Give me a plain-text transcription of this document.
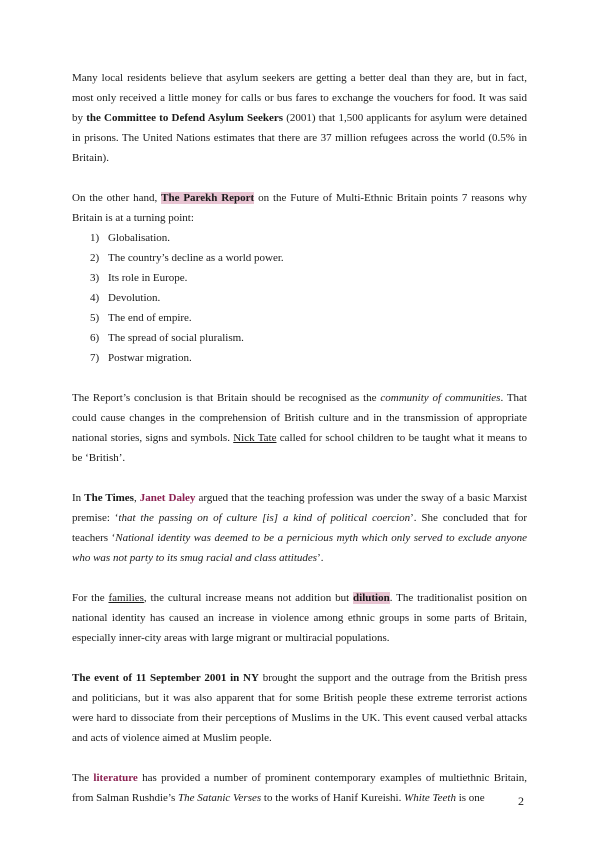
Many local residents believe that asylum seekers are getting a better deal than they are, but in fact, most only received a little money for calls or bus fares to exchange the vouchers for food. It was said by the Committee to Defend Asylum Seekers (2001) that 1,500 applicants for asylum were detained in prisons. The United Nations estimates that there are 37 million refugees across the world (0.5% in Britain).

On the other hand, The Parekh Report on the Future of Multi-Ethnic Britain points 7 reasons why Britain is at a turning point:

1) Globalisation.
2) The country’s decline as a world power.
3) Its role in Europe.
4) Devolution.
5) The end of empire.
6) The spread of social pluralism.
7) Postwar migration.

The Report’s conclusion is that Britain should be recognised as the community of communities. That could cause changes in the comprehension of British culture and in the transmission of appropriate national stories, signs and symbols. Nick Tate called for school children to be taught what it means to be ‘British’.

In The Times, Janet Daley argued that the teaching profession was under the sway of a basic Marxist premise: ‘that the passing on of culture [is] a kind of political coercion’. She concluded that for teachers ‘National identity was deemed to be a pernicious myth which only served to exclude anyone who was not party to its smug racial and class attitudes’.

For the families, the cultural increase means not addition but dilution. The traditionalist position on national identity has caused an increase in violence among ethnic groups in some parts of Britain, especially inner-city areas with large migrant or multiracial populations.

The event of 11 September 2001 in NY brought the support and the outrage from the British press and politicians, but it was also apparent that for some British people these extreme terrorist actions were hard to dissociate from their perceptions of Muslims in the UK. This event caused verbal attacks and acts of violence aimed at Muslim people.

The literature has provided a number of prominent contemporary examples of multiethnic Britain, from Salman Rushdie’s The Satanic Verses to the works of Hanif Kureishi. White Teeth is one	2
